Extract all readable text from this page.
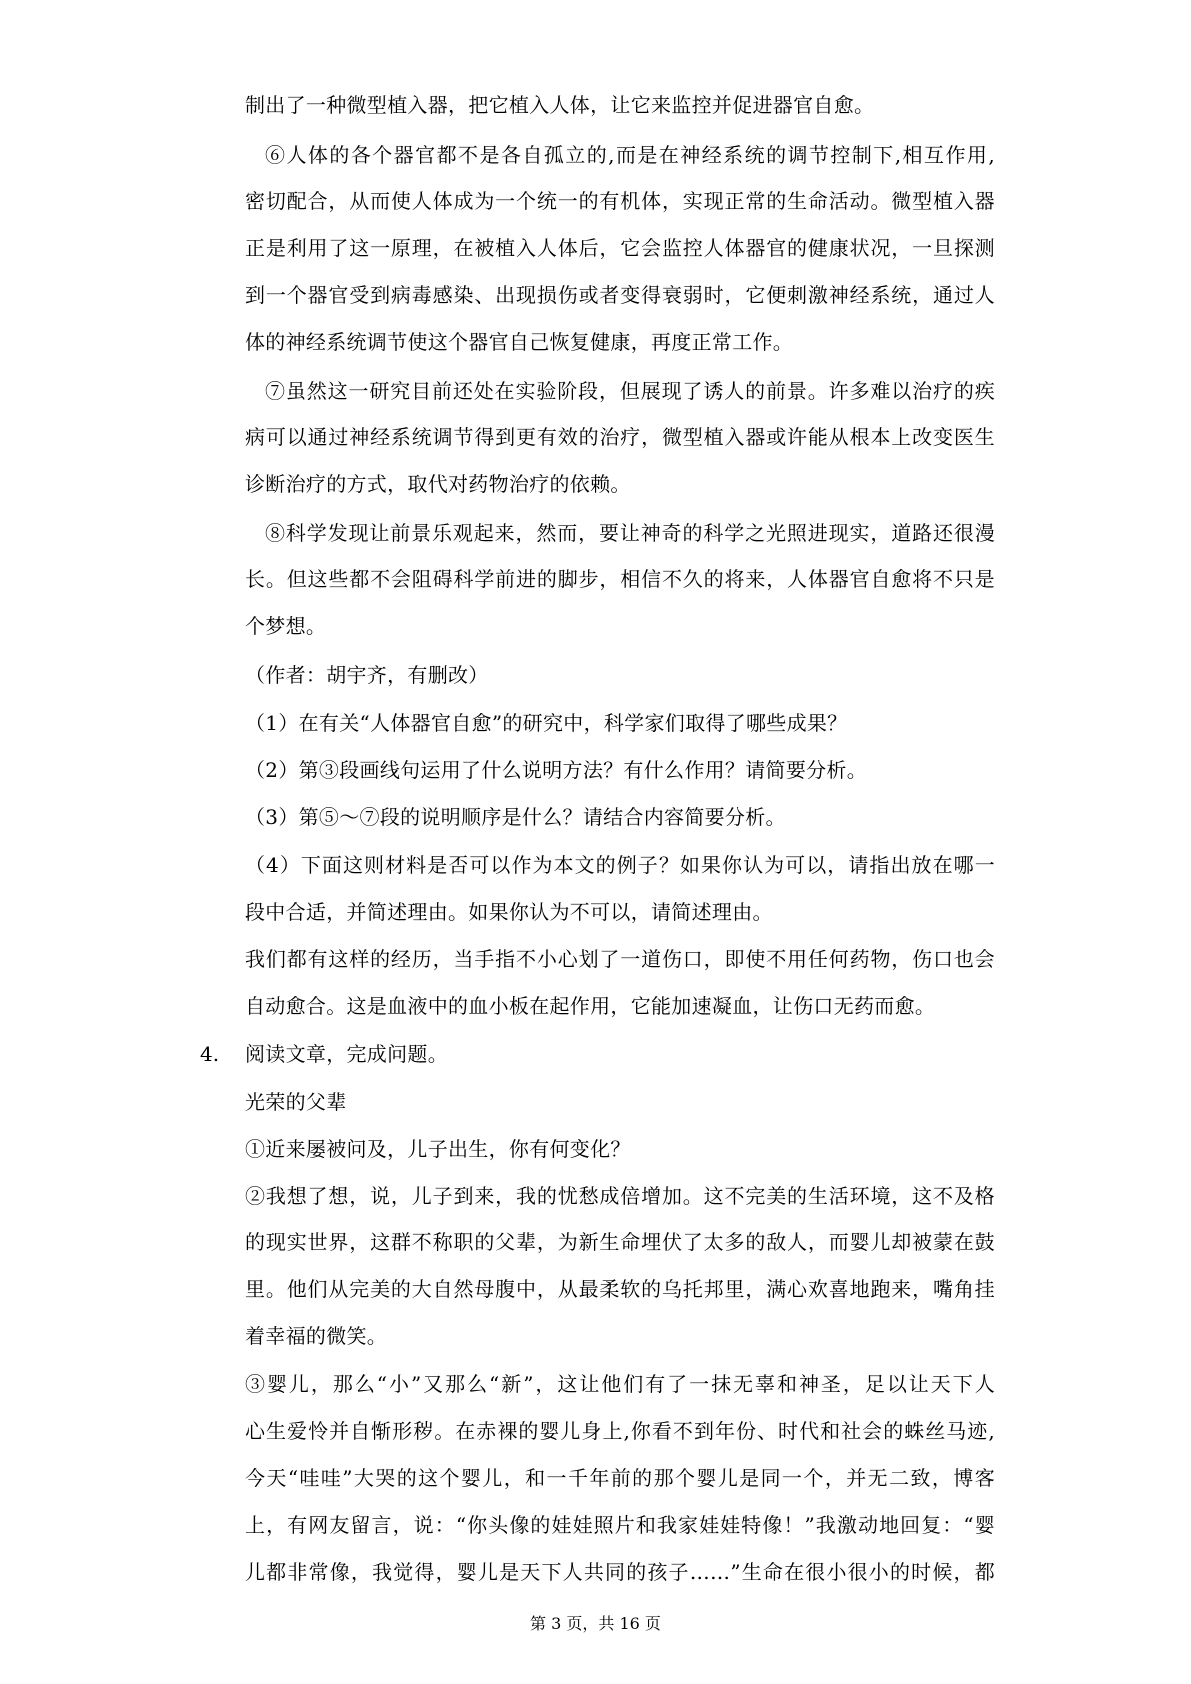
制出了一种微型植入器，把它植入人体，让它来监控并促进器官自愈。
⑥人体的各个器官都不是各自孤立的,而是在神经系统的调节控制下,相互作用,
密切配合，从而使人体成为一个统一的有机体，实现正常的生命活动。微型植入器
正是利用了这一原理，在被植入人体后，它会监控人体器官的健康状况，一旦探测
到一个器官受到病毒感染、出现损伤或者变得衰弱时，它便刺激神经系统，通过人
体的神经系统调节使这个器官自己恢复健康，再度正常工作。
⑦虽然这一研究目前还处在实验阶段，但展现了诱人的前景。许多难以治疗的疾
病可以通过神经系统调节得到更有效的治疗，微型植入器或许能从根本上改变医生
诊断治疗的方式，取代对药物治疗的依赖。
⑧科学发现让前景乐观起来，然而，要让神奇的科学之光照进现实，道路还很漫
长。但这些都不会阻碍科学前进的脚步，相信不久的将来，人体器官自愈将不只是
个梦想。
（作者：胡宇齐，有删改）
（1）在有关“人体器官自愈”的研究中，科学家们取得了哪些成果？
（2）第③段画线句运用了什么说明方法？有什么作用？请简要分析。
（3）第⑤～⑦段的说明顺序是什么？请结合内容简要分析。
（4）下面这则材料是否可以作为本文的例子？如果你认为可以，请指出放在哪一
段中合适，并简述理由。如果你认为不可以，请简述理由。
我们都有这样的经历，当手指不小心划了一道伤口，即使不用任何药物，伤口也会
自动愈合。这是血液中的血小板在起作用，它能加速凝血，让伤口无药而愈。
4. 阅读文章，完成问题。
光荣的父辈
①近来屡被问及，儿子出生，你有何变化？
②我想了想，说，儿子到来，我的忧愁成倍增加。这不完美的生活环境，这不及格
的现实世界，这群不称职的父辈，为新生命埋伏了太多的敌人，而婴儿却被蒙在鼓
里。他们从完美的大自然母腹中，从最柔软的乌托邦里，满心欢喜地跑来，嘴角挂
着幸福的微笑。
③婴儿，那么“小”又那么“新”，这让他们有了一抹无辜和神圣，足以让天下人
心生爱怜并自惭形秽。在赤裸的婴儿身上,你看不到年份、时代和社会的蛛丝马迹,
今天“哇哇”大哭的这个婴儿，和一千年前的那个婴儿是同一个，并无二致，博客
上，有网友留言，说：“你头像的娃娃照片和我家娃娃特像！”我激动地回复：“婴
儿都非常像，我觉得，婴儿是天下人共同的孩子……”生命在很小很小的时候，都
第 3 页，共 16 页
